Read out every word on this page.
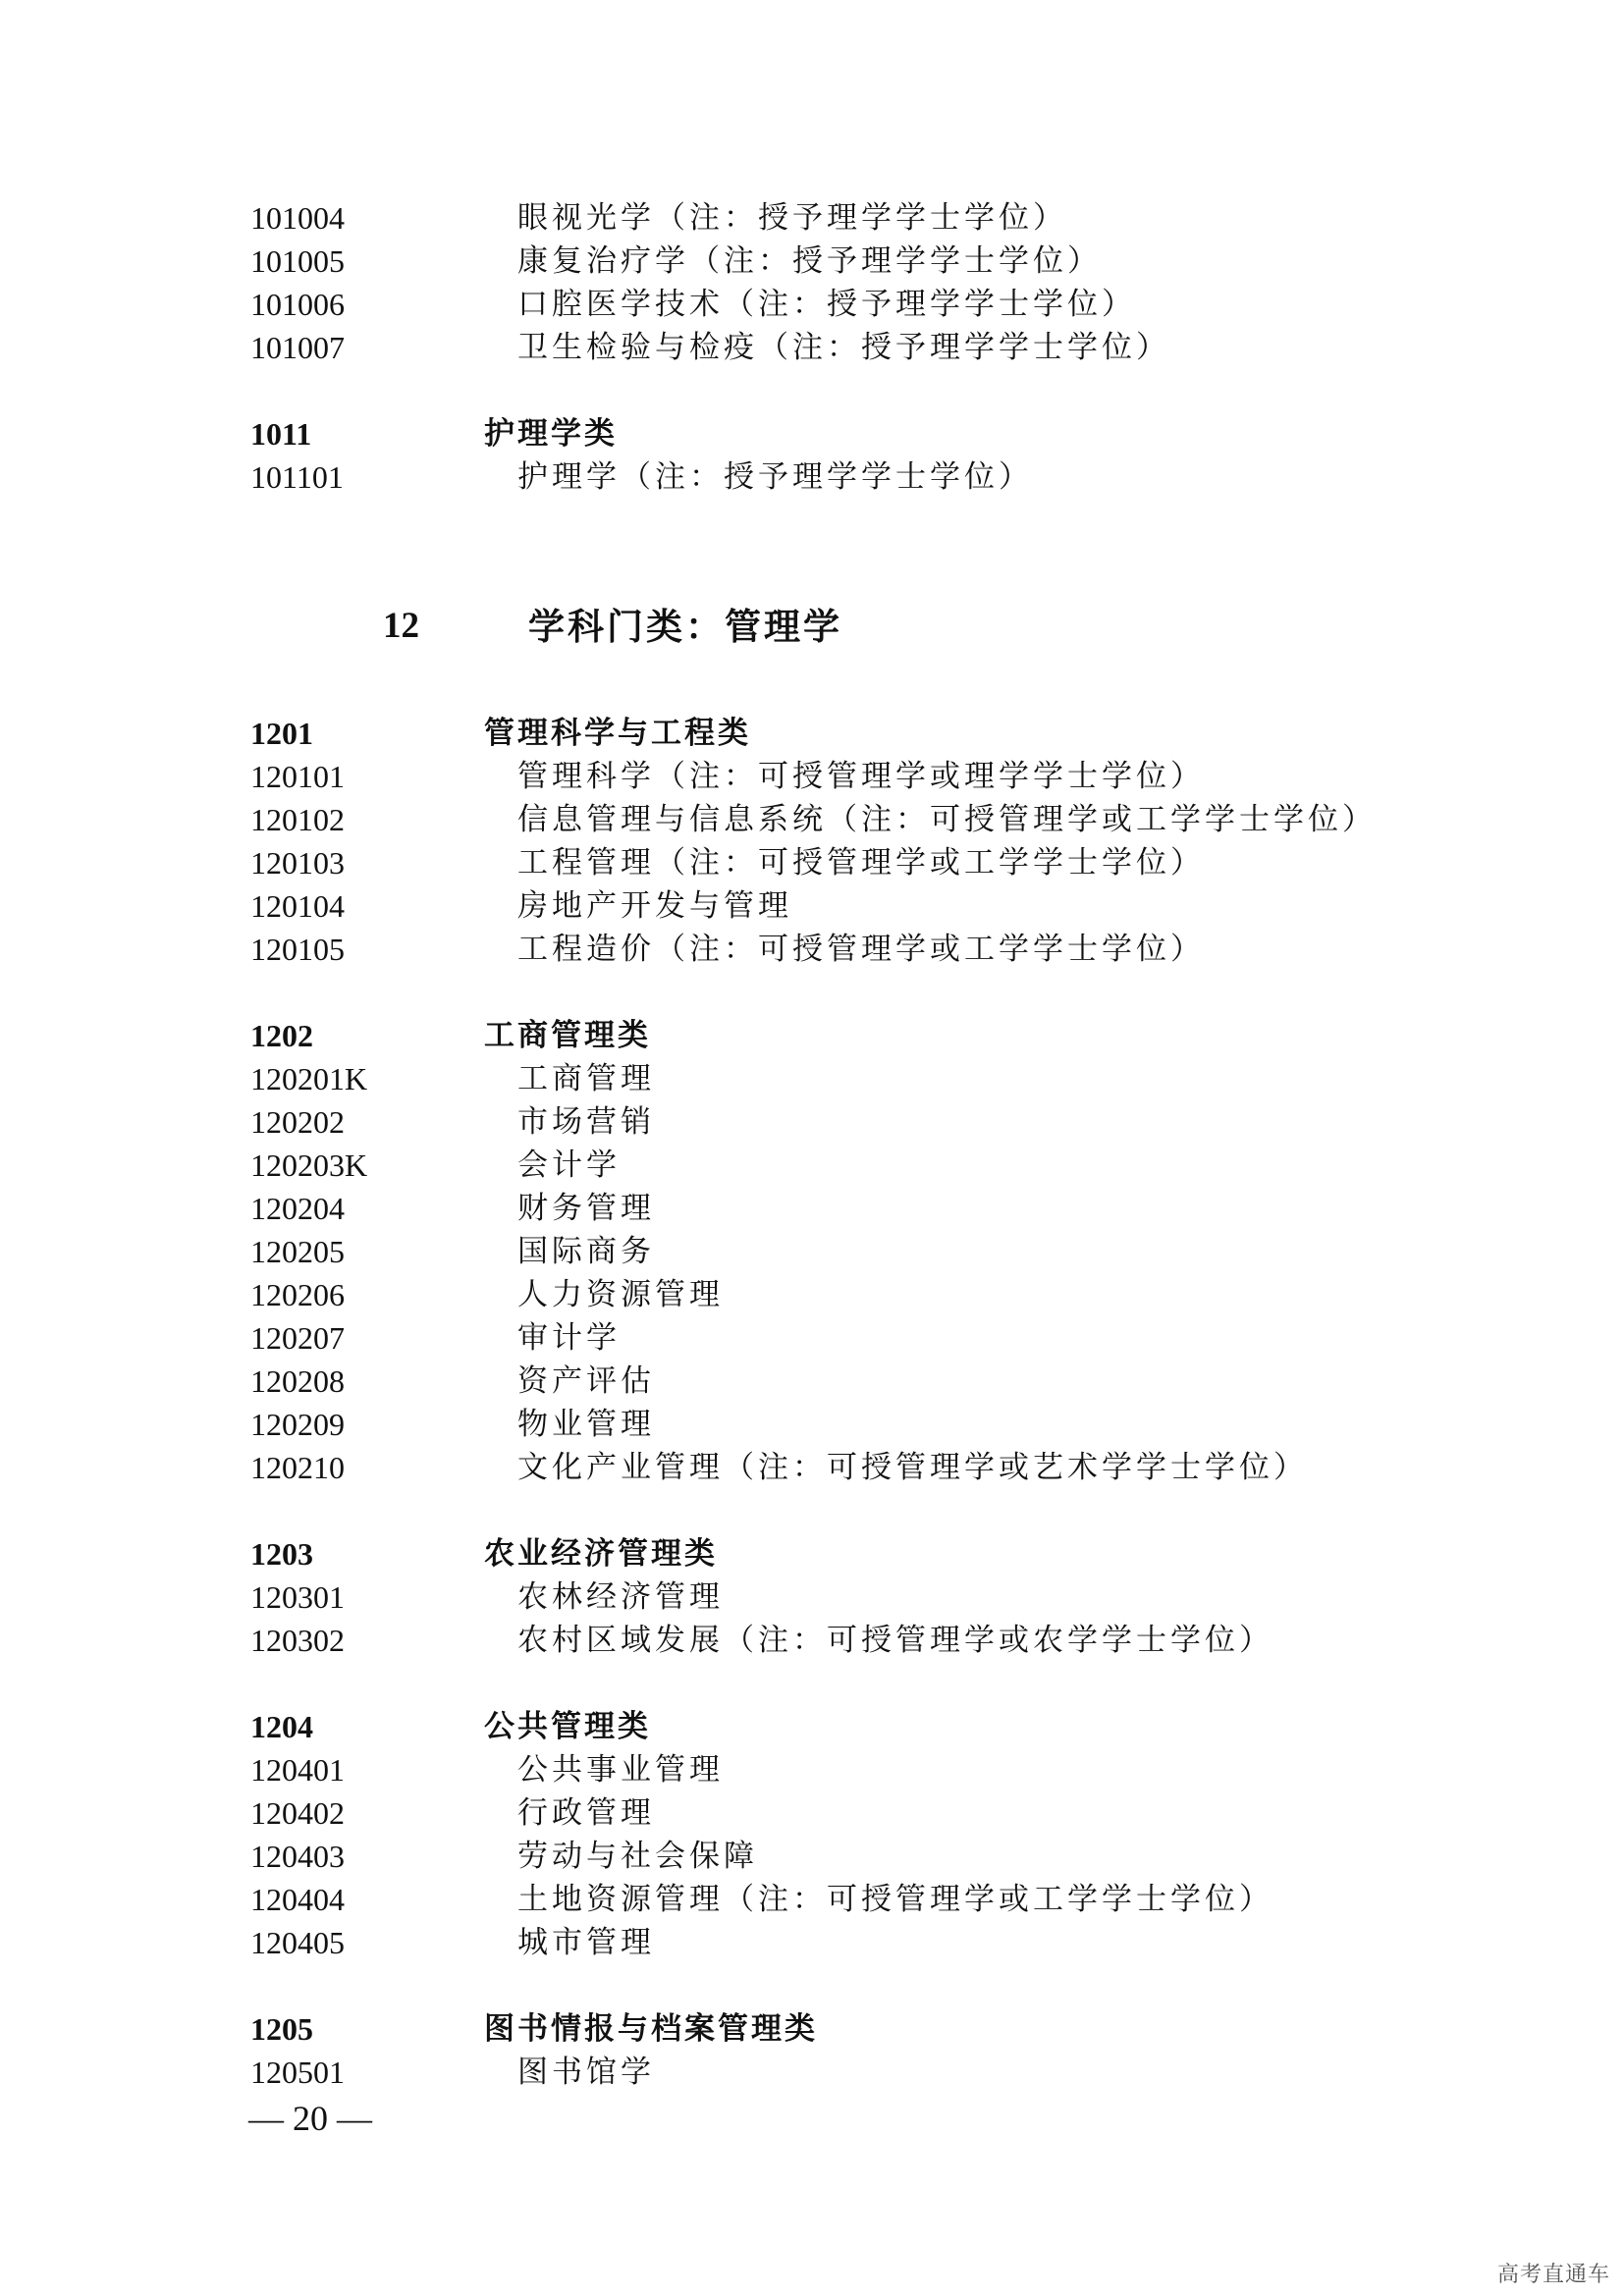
101004	眼视光学（注：授予理学学士学位）
101005	康复治疗学（注：授予理学学士学位）
101006	口腔医学技术（注：授予理学学士学位）
101007	卫生检验与检疫（注：授予理学学士学位）
1011	护理学类
101101	护理学（注：授予理学学士学位）
12	学科门类：管理学
1201	管理科学与工程类
120101	管理科学（注：可授管理学或理学学士学位）
120102	信息管理与信息系统（注：可授管理学或工学学士学位）
120103	工程管理（注：可授管理学或工学学士学位）
120104	房地产开发与管理
120105	工程造价（注：可授管理学或工学学士学位）
1202	工商管理类
120201K	工商管理
120202	市场营销
120203K	会计学
120204	财务管理
120205	国际商务
120206	人力资源管理
120207	审计学
120208	资产评估
120209	物业管理
120210	文化产业管理（注：可授管理学或艺术学学士学位）
1203	农业经济管理类
120301	农林经济管理
120302	农村区域发展（注：可授管理学或农学学士学位）
1204	公共管理类
120401	公共事业管理
120402	行政管理
120403	劳动与社会保障
120404	土地资源管理（注：可授管理学或工学学士学位）
120405	城市管理
1205	图书情报与档案管理类
120501	图书馆学
— 20 —
高考直通车
